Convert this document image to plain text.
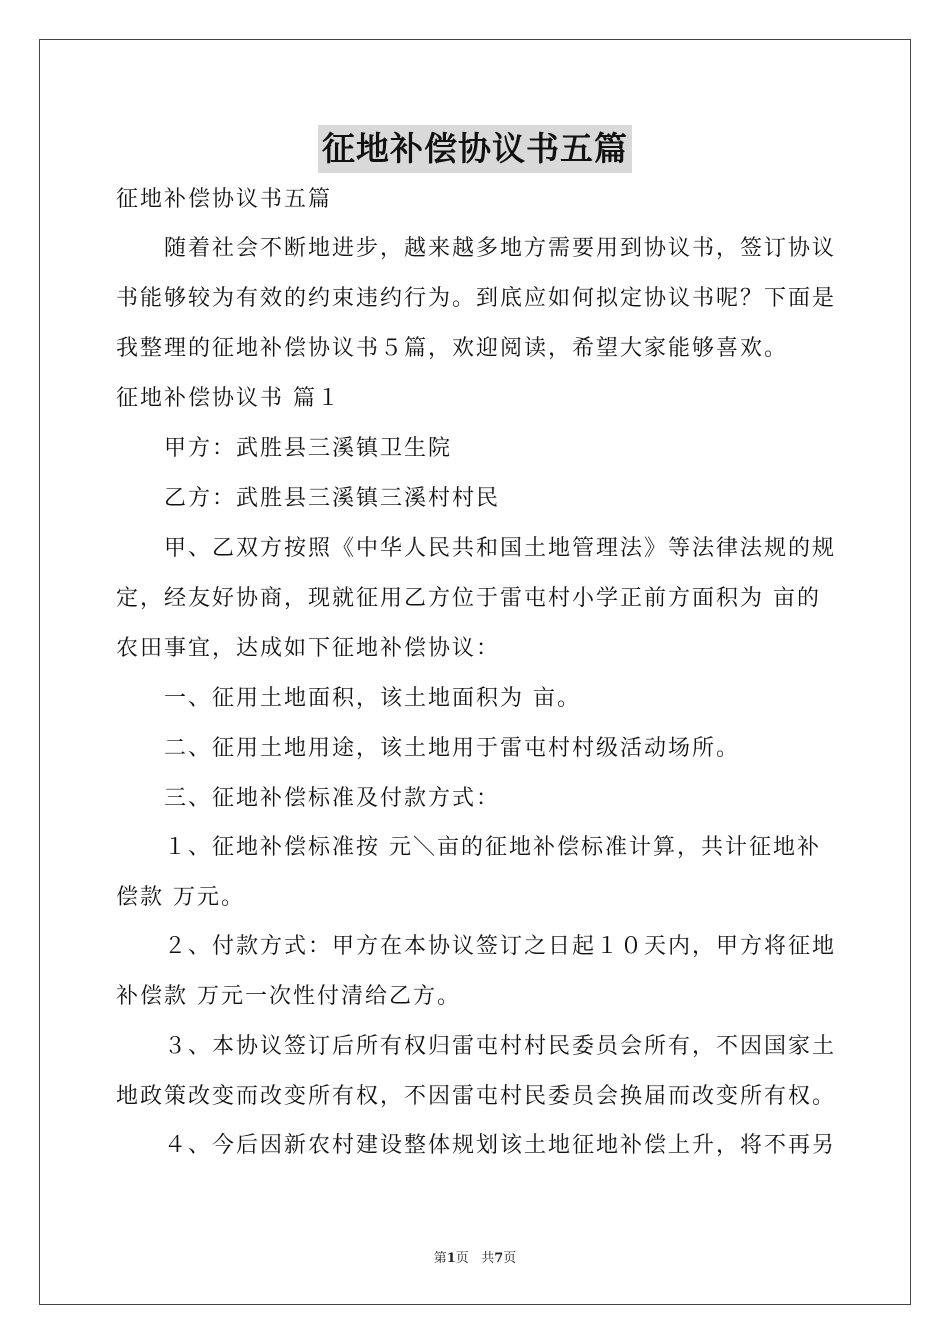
征地补偿协议书五篇
征地补偿协议书五篇
随着社会不断地进步，越来越多地方需要用到协议书，签订协议
书能够较为有效的约束违约行为。到底应如何拟定协议书呢？下面是
我整理的征地补偿协议书５篇，欢迎阅读，希望大家能够喜欢。
征地补偿协议书 篇１
甲方：武胜县三溪镇卫生院
乙方：武胜县三溪镇三溪村村民
甲、乙双方按照《中华人民共和国土地管理法》等法律法规的规
定，经友好协商，现就征用乙方位于雷屯村小学正前方面积为 亩的
农田事宜，达成如下征地补偿协议：
一、征用土地面积，该土地面积为 亩。
二、征用土地用途，该土地用于雷屯村村级活动场所。
三、征地补偿标准及付款方式：
１、征地补偿标准按 元＼亩的征地补偿标准计算，共计征地补
偿款 万元。
２、付款方式：甲方在本协议签订之日起１０天内，甲方将征地
补偿款 万元一次性付清给乙方。
３、本协议签订后所有权归雷屯村村民委员会所有，不因国家土
地政策改变而改变所有权，不因雷屯村民委员会换届而改变所有权。
４、今后因新农村建设整体规划该土地征地补偿上升，将不再另
第1页 共7页
